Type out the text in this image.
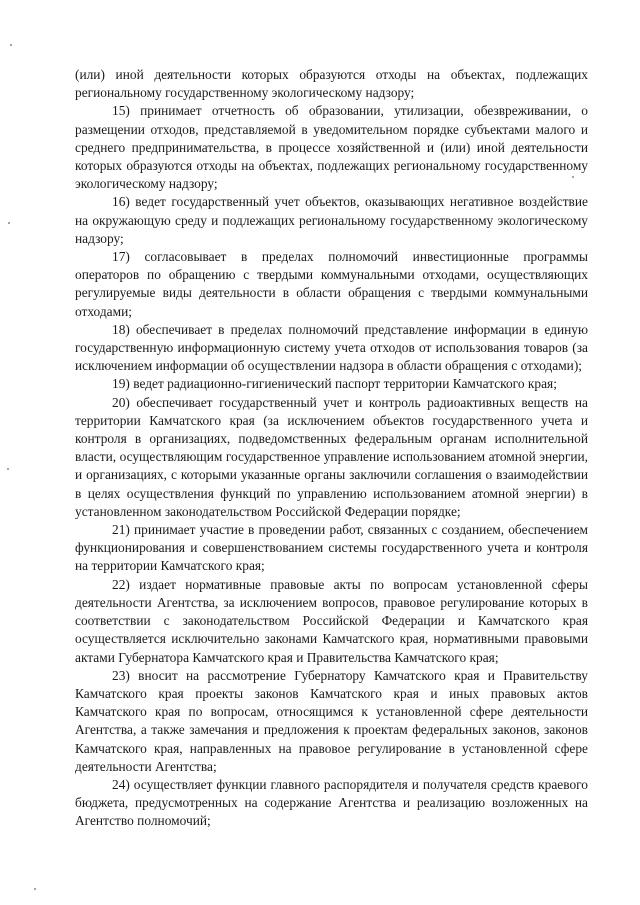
(или) иной деятельности которых образуются отходы на объектах, подлежащих региональному государственному экологическому надзору;

15) принимает отчетность об образовании, утилизации, обезвреживании, о размещении отходов, представляемой в уведомительном порядке субъектами малого и среднего предпринимательства, в процессе хозяйственной и (или) иной деятельности которых образуются отходы на объектах, подлежащих региональному государственному экологическому надзору;

16) ведет государственный учет объектов, оказывающих негативное воздействие на окружающую среду и подлежащих региональному государственному экологическому надзору;

17) согласовывает в пределах полномочий инвестиционные программы операторов по обращению с твердыми коммунальными отходами, осуществляющих регулируемые виды деятельности в области обращения с твердыми коммунальными отходами;

18) обеспечивает в пределах полномочий представление информации в единую государственную информационную систему учета отходов от использования товаров (за исключением информации об осуществлении надзора в области обращения с отходами);

19) ведет радиационно-гигиенический паспорт территории Камчатского края;

20) обеспечивает государственный учет и контроль радиоактивных веществ на территории Камчатского края (за исключением объектов государственного учета и контроля в организациях, подведомственных федеральным органам исполнительной власти, осуществляющим государственное управление использованием атомной энергии, и организациях, с которыми указанные органы заключили соглашения о взаимодействии в целях осуществления функций по управлению использованием атомной энергии) в установленном законодательством Российской Федерации порядке;

21) принимает участие в проведении работ, связанных с созданием, обеспечением функционирования и совершенствованием системы государственного учета и контроля на территории Камчатского края;

22) издает нормативные правовые акты по вопросам установленной сферы деятельности Агентства, за исключением вопросов, правовое регулирование которых в соответствии с законодательством Российской Федерации и Камчатского края осуществляется исключительно законами Камчатского края, нормативными правовыми актами Губернатора Камчатского края и Правительства Камчатского края;

23) вносит на рассмотрение Губернатору Камчатского края и Правительству Камчатского края проекты законов Камчатского края и иных правовых актов Камчатского края по вопросам, относящимся к установленной сфере деятельности Агентства, а также замечания и предложения к проектам федеральных законов, законов Камчатского края, направленных на правовое регулирование в установленной сфере деятельности Агентства;

24) осуществляет функции главного распорядителя и получателя средств краевого бюджета, предусмотренных на содержание Агентства и реализацию возложенных на Агентство полномочий;
